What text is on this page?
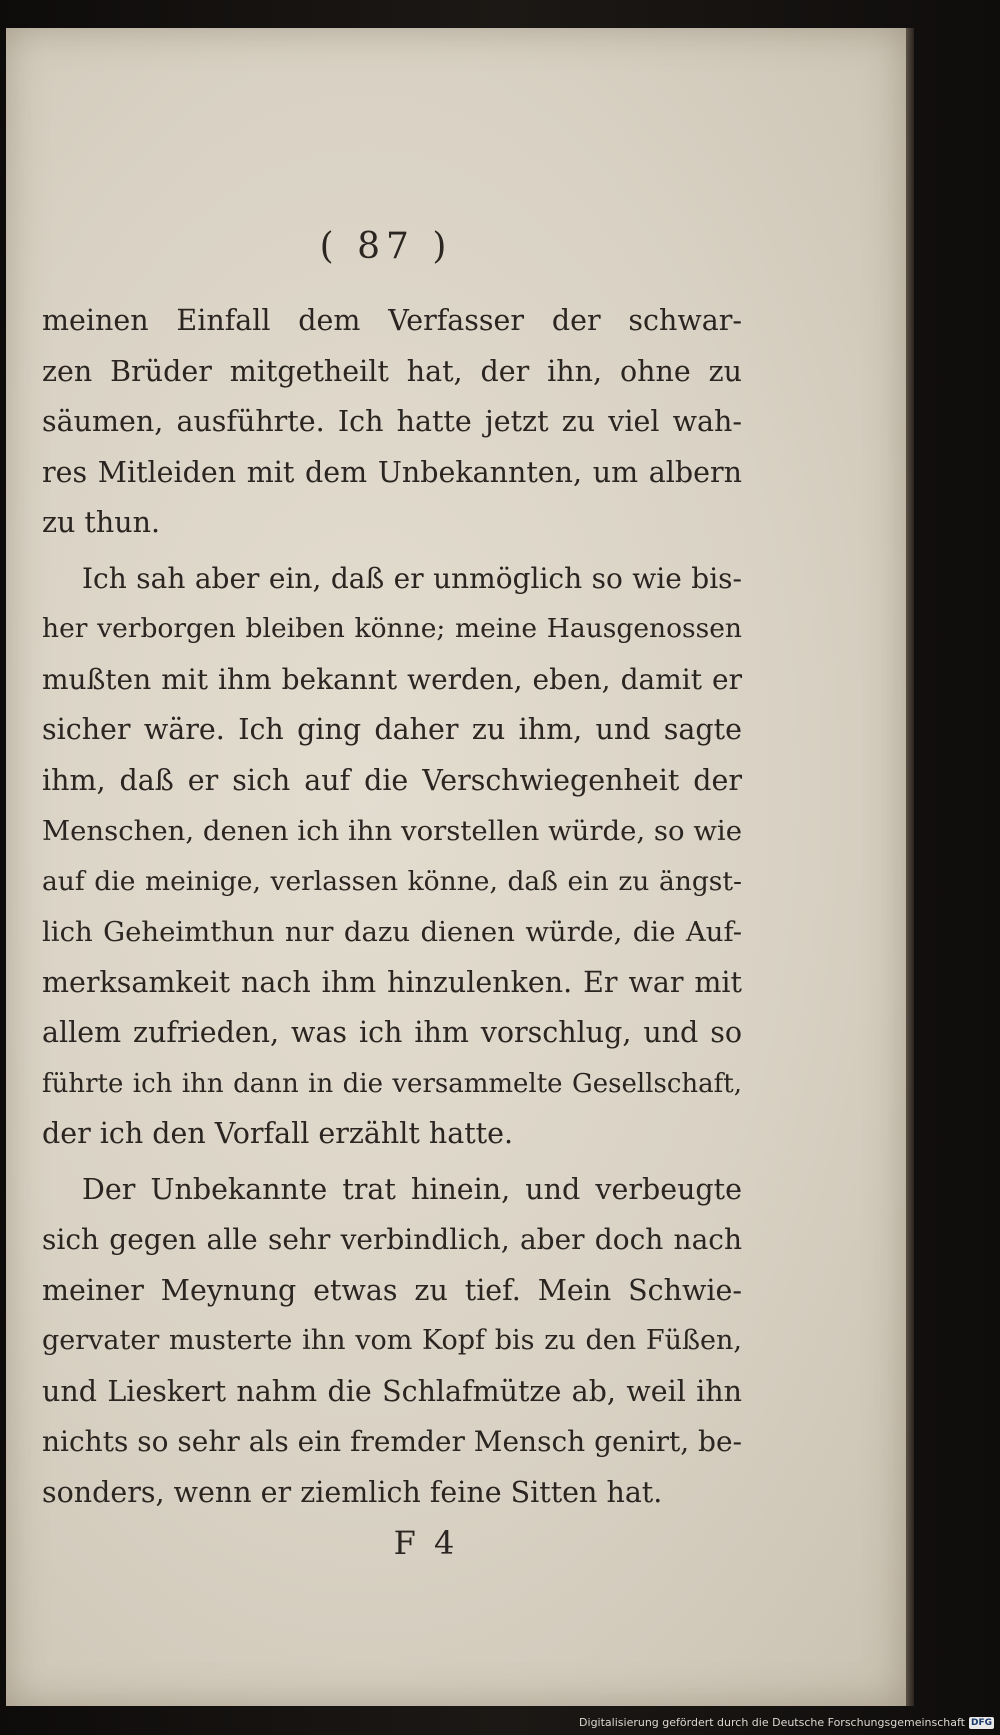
( 87 )
meinen Einfall dem Verfasser der schwar-
zen Brüder mitgetheilt hat, der ihn, ohne zu
säumen, ausführte. Ich hatte jetzt zu viel wah-
res Mitleiden mit dem Unbekannten, um albern
zu thun.
Ich sah aber ein, daß er unmöglich so wie bis-
her verborgen bleiben könne; meine Hausgenossen
mußten mit ihm bekannt werden, eben, damit er
sicher wäre. Ich ging daher zu ihm, und sagte
ihm, daß er sich auf die Verschwiegenheit der
Menschen, denen ich ihn vorstellen würde, so wie
auf die meinige, verlassen könne, daß ein zu ängst-
lich Geheimthun nur dazu dienen würde, die Auf-
merksamkeit nach ihm hinzulenken. Er war mit
allem zufrieden, was ich ihm vorschlug, und so
führte ich ihn dann in die versammelte Gesellschaft,
der ich den Vorfall erzählt hatte.
Der Unbekannte trat hinein, und verbeugte
sich gegen alle sehr verbindlich, aber doch nach
meiner Meynung etwas zu tief. Mein Schwie-
gervater musterte ihn vom Kopf bis zu den Füßen,
und Lieskert nahm die Schlafmütze ab, weil ihn
nichts so sehr als ein fremder Mensch genirt, be-
sonders, wenn er ziemlich feine Sitten hat.
F 4
Digitalisierung gefördert durch die Deutsche Forschungsgemeinschaft DFG
